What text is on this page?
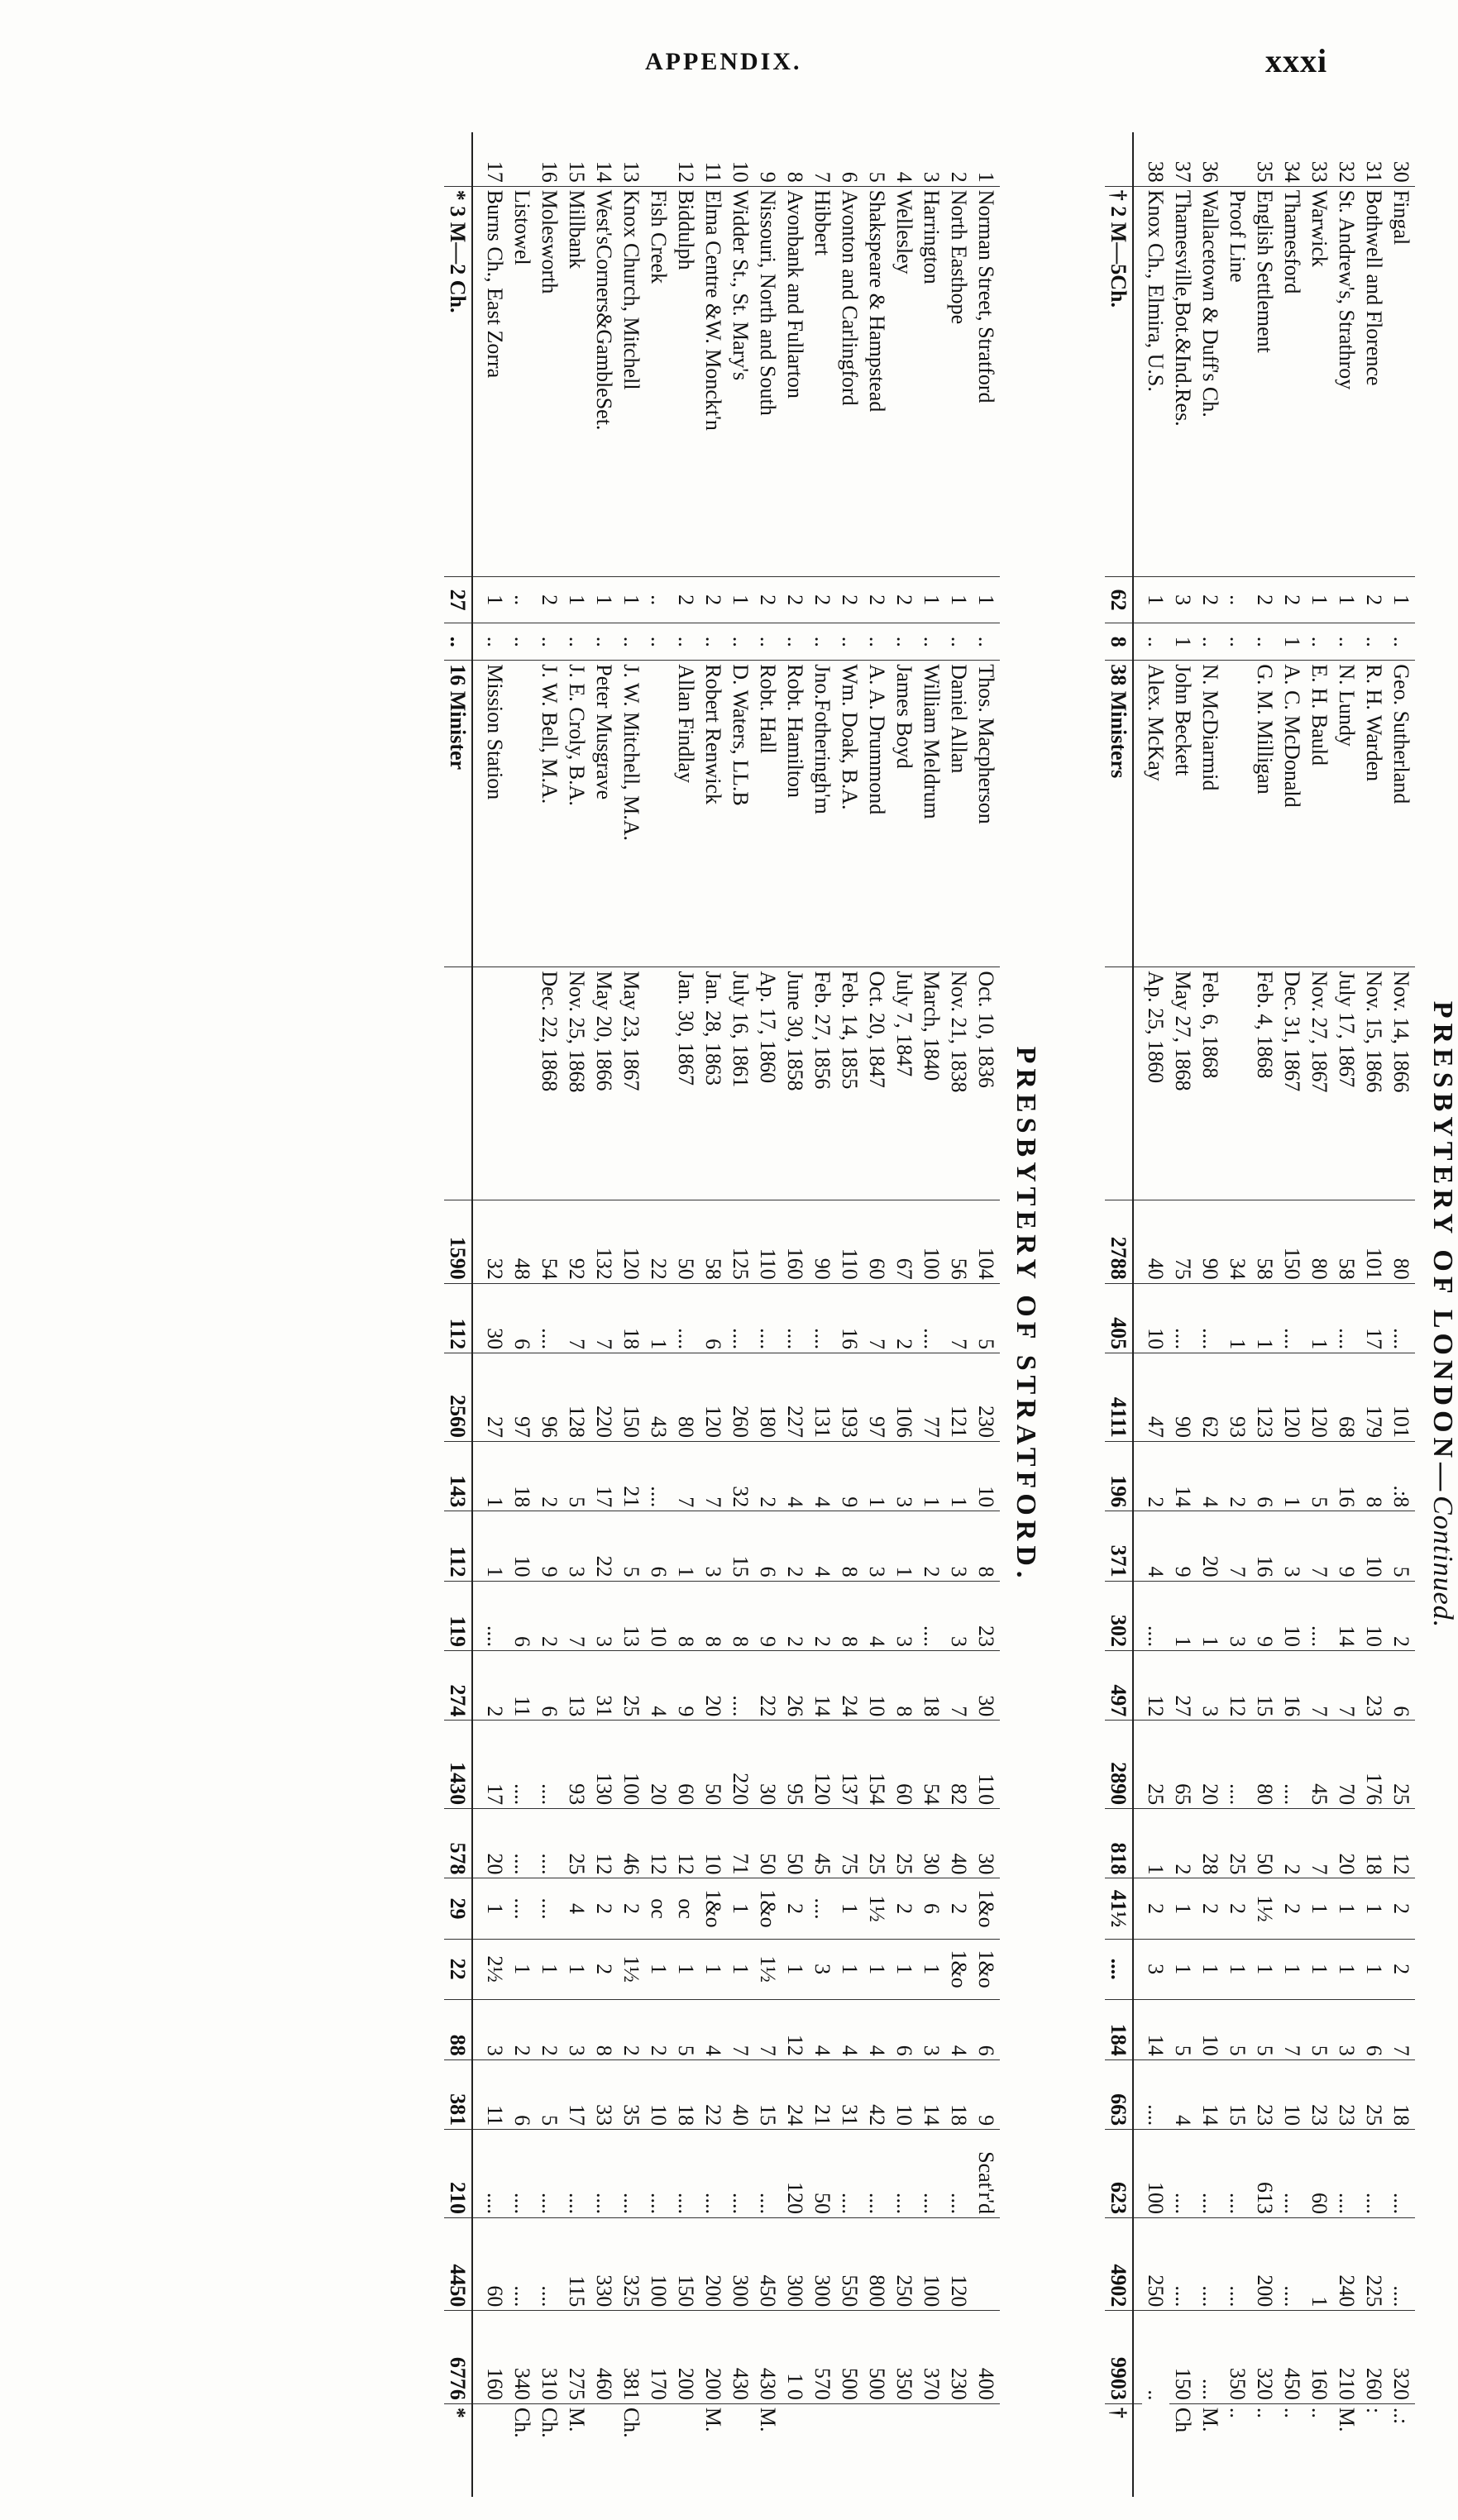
APPENDIX.	xxxi
PRESBYTERY OF LONDON—Continued.
30	Fingal	1	..	Geo. Sutherland	Nov. 14, 1866	80	....	101	.:8	5	2	6	25	12	2	2	7	18	....	....	320	..:
31	Bothwell and Florence	2	..	R. H. Warden	Nov. 15, 1866	101	17	179	8	10	10	23	176	18	1	1	6	25	....	225	260	:
32	St. Andrew's, Strathroy	1	..	N. Lundy	July 17, 1867	58	....	68	16	9	14	7	70	20	1	1	3	23	....	240	210	M.
33	Warwick	1	..	E. H. Bauld	Nov. 27, 1867	80	1	120	5	7	....	7	45	7	1	1	5	23	60	1	160	..
34	Thamesford	2	1	A. C. McDonald	Dec. 31, 1867	150	....	120	1	3	10	16	....	2	2	1	7	10	....	....	450	..
35	English Settlement	2	..	G. M. Milligan	Feb. 4, 1868	58	1	123	6	16	9	15	80	50	1½	1	5	23	613	200	320	..
	Proof Line	..	..			34	1	93	2	7	3	12	....	25	2	1	5	15	....	....	350	..
36	Wallacetown & Duff's Ch.	2	..	N. McDiarmid	Feb. 6, 1868	90	....	62	4	20	1	3	20	28	2	1	10	14	....	....	....	M.
37	Thamesville,Bot.&Ind.Res.	3	1	John Beckett	May 27, 1868	75	....	90	14	9	1	27	65	2	1	1	5	4	....	....	150	Ch
38	Knox Ch., Elmira, U.S.	1	..	Alex. McKay	Ap. 25, 1860	40	10	47	2	4	....	12	25	1	2	3	14	....	100	250	..	

	† 2 M—5Ch.	62	8	38 Ministers		2788	405	4111	196	371	302	497	2890	818	41½	....	184	663	623	4902	9903	†
PRESBYTERY OF STRATFORD.
1	Norman Street, Stratford	1	..	Thos. Macpherson	Oct. 10, 1836	104	5	230	10	8	23	30	110	30	1&o	1&o	6	9	Scat'r'd		400	
2	North Easthope	1	..	Daniel Allan	Nov. 21, 1838	56	7	121	1	3	3	7	82	40	2	1&o	4	18	....	120	230	
3	Harrington	1	..	William Meldrum	March, 1840	100	....	77	1	2	....	18	54	30	6	1	3	14	....	100	370	
4	Wellesley	2	..	James Boyd	July 7, 1847	67	2	106	3	1	3	8	60	25	2	1	6	10	....	250	350	
5	Shakspeare & Hampstead	2	..	A. A. Drummond	Oct. 20, 1847	60	7	97	1	3	4	10	154	25	1½	1	4	42	....	800	500	
6	Avonton and Carlingford	2	..	Wm. Doak, B.A.	Feb. 14, 1855	110	16	193	9	8	8	24	137	75	1	1	4	31	....	550	500	
7	Hibbert	2	..	Jno.Fotheringh'm	Feb. 27, 1856	90	....	131	4	4	2	14	120	45	....	3	4	21	50	300	570	
8	Avonbank and Fullarton	2	..	Robt. Hamilton	June 30, 1858	160	....	227	4	2	2	26	95	50	2	1	12	24	120	300	1 0	
9	Nissouri, North and South	2	..	Robt. Hall	Ap. 17, 1860	110	....	180	2	6	9	22	30	50	1&o	1½	7	15	....	450	430	M.
10	Widder St., St. Mary's	1	..	D. Waters, LL.B	July 16, 1861	125	....	260	32	15	8	....	220	71	1	1	7	40	....	300	430	
11	Elma Centre &W. Monckt'n	2	..	Robert Renwick	Jan. 28, 1863	58	6	120	7	3	8	20	50	10	1&o	1	4	22	....	200	200	M.
12	Biddulph	2	..	Allan Findlay	Jan. 30, 1867	50	....	80	7	1	8	9	60	12	oc	1	5	18	....	150	200	
	Fish Creek	..	..			22	1	43	....	6	10	4	20	12	oc	1	2	10	....	100	170	
13	Knox Church, Mitchell	1	..	J. W. Mitchell, M.A.	May 23, 1867	120	18	150	21	5	13	25	100	46	2	1½	2	35	....	325	381	Ch.
14	West'sCorners&GambleSet.	1	..	Peter Musgrave	May 20, 1866	132	7	220	17	22	3	31	130	12	2	2	8	33	....	330	460	
15	Millbank	1	..	J. E. Croly, B.A.	Nov. 25, 1868	92	7	128	5	3	7	13	93	25	4	1	3	17	....	115	275	M.
16	Molesworth	2	..	J. W. Bell, M.A.	Dec. 22, 1868	54	....	96	2	9	2	6	....	....	....	1	2	5	....	....	310	Ch.
	Listowel	..	..			48	6	97	18	10	6	11	....	....	....	1	2	6	....	....	340	Ch.
17	Burns Ch., East Zorra	1	..	Mission Station		32	30	27	1	1	....	2	17	20	1	2½	3	11	....	60	160	

	* 3 M—2 Ch.	27	..	16 Minister		1590	112	2560	143	112	119	274	1430	578	29	22	88	381	210	4450	6776	*
